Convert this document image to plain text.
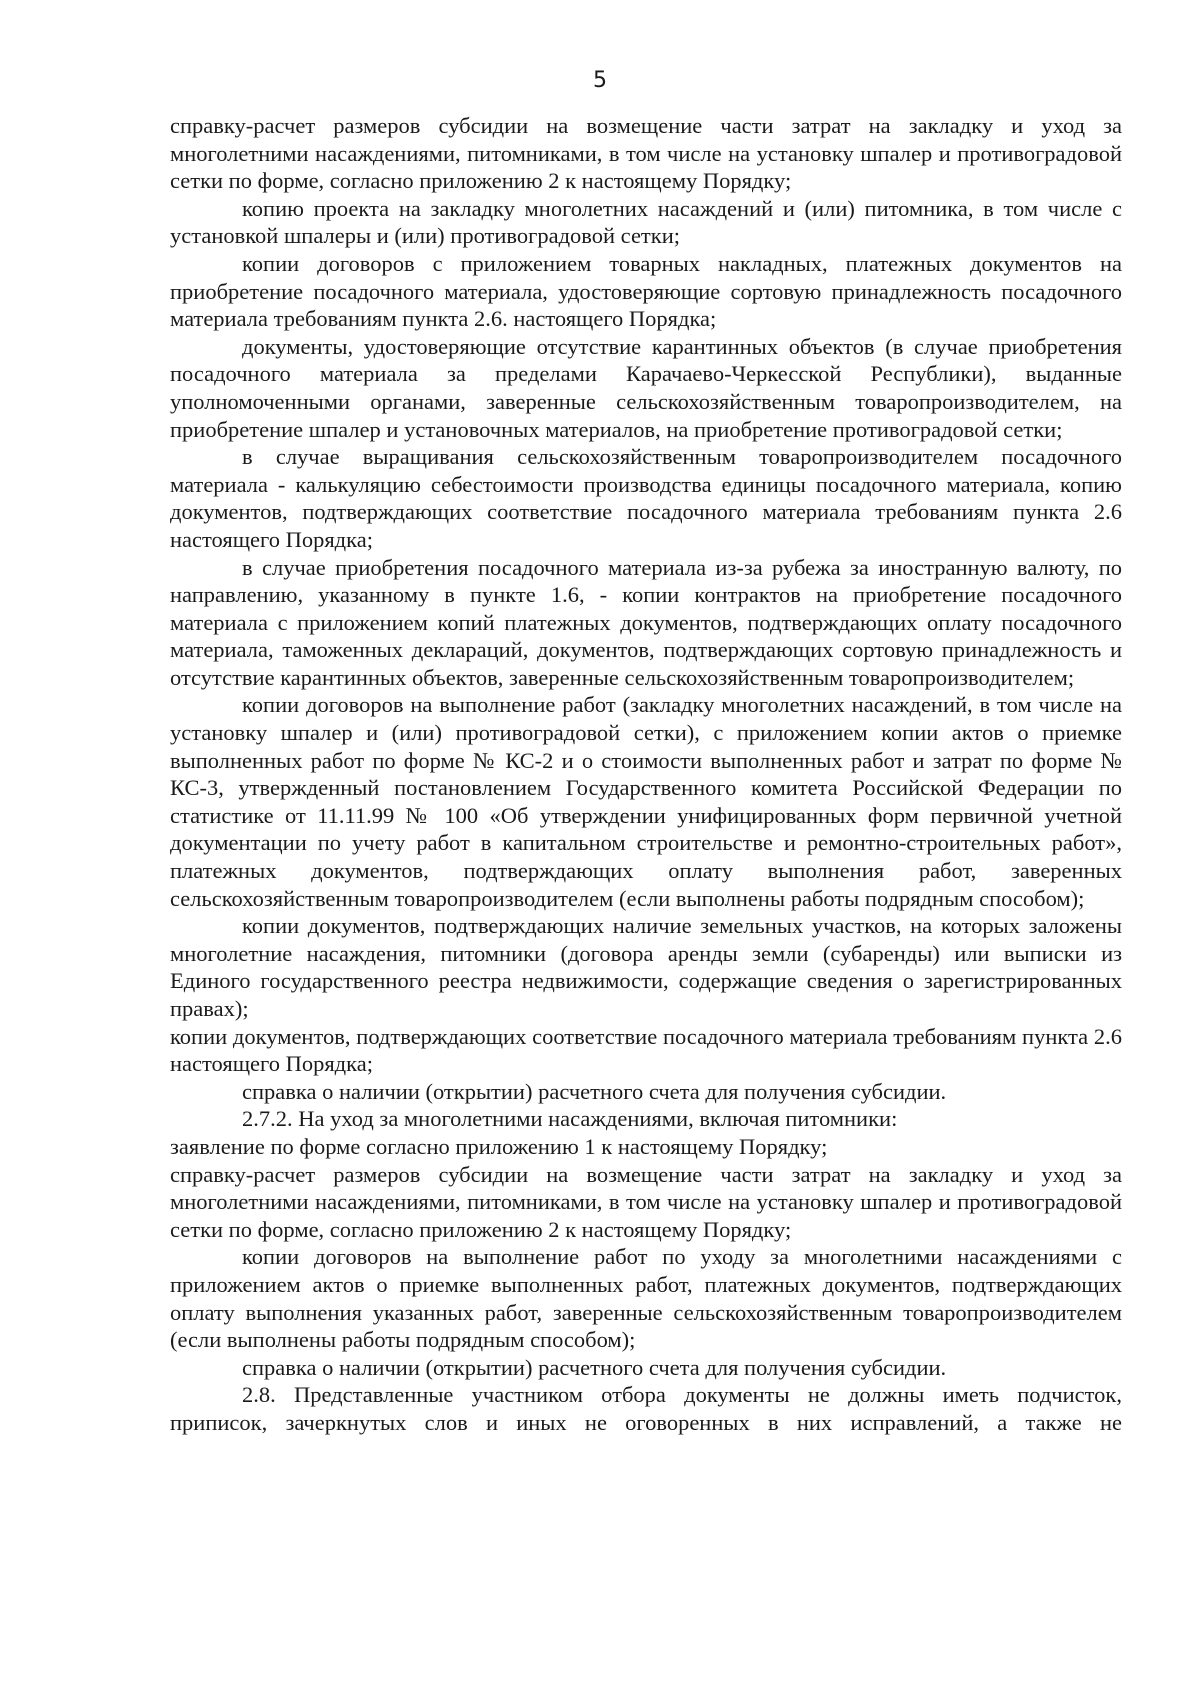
5

справку-расчет размеров субсидии на возмещение части затрат на закладку и уход за многолетними насаждениями, питомниками, в том числе на установку шпалер и противоградовой сетки по форме, согласно приложению 2 к настоящему Порядку;

копию проекта на закладку многолетних насаждений и (или) питомника, в том числе с установкой шпалеры и (или) противоградовой сетки;

копии договоров с приложением товарных накладных, платежных документов на приобретение посадочного материала, удостоверяющие сортовую принадлежность посадочного материала требованиям пункта 2.6. настоящего Порядка;

документы, удостоверяющие отсутствие карантинных объектов (в случае приобретения посадочного материала за пределами Карачаево-Черкесской Республики), выданные уполномоченными органами, заверенные сельскохозяйственным товаропроизводителем, на приобретение шпалер и установочных материалов, на приобретение противоградовой сетки;

в случае выращивания сельскохозяйственным товаропроизводителем посадочного материала - калькуляцию себестоимости производства единицы посадочного материала, копию документов, подтверждающих соответствие посадочного материала требованиям пункта 2.6 настоящего Порядка;

в случае приобретения посадочного материала из-за рубежа за иностранную валюту, по направлению, указанному в пункте 1.6, - копии контрактов на приобретение посадочного материала с приложением копий платежных документов, подтверждающих оплату посадочного материала, таможенных деклараций, документов, подтверждающих сортовую принадлежность и отсутствие карантинных объектов, заверенные сельскохозяйственным товаропроизводителем;

копии договоров на выполнение работ (закладку многолетних насаждений, в том числе на установку шпалер и (или) противоградовой сетки), с приложением копии актов о приемке выполненных работ по форме № КС-2 и о стоимости выполненных работ и затрат по форме № КС-3, утвержденный постановлением Государственного комитета Российской Федерации по статистике от 11.11.99 № 100 «Об утверждении унифицированных форм первичной учетной документации по учету работ в капитальном строительстве и ремонтно-строительных работ», платежных документов, подтверждающих оплату выполнения работ, заверенных сельскохозяйственным товаропроизводителем (если выполнены работы подрядным способом);

копии документов, подтверждающих наличие земельных участков, на которых заложены многолетние насаждения, питомники (договора аренды земли (субаренды) или выписки из Единого государственного реестра недвижимости, содержащие сведения о зарегистрированных правах);

копии документов, подтверждающих соответствие посадочного материала требованиям пункта 2.6 настоящего Порядка;

справка о наличии (открытии) расчетного счета для получения субсидии.

2.7.2. На уход за многолетними насаждениями, включая питомники:

заявление по форме согласно приложению 1 к настоящему Порядку;

справку-расчет размеров субсидии на возмещение части затрат на закладку и уход за многолетними насаждениями, питомниками, в том числе на установку шпалер и противоградовой сетки по форме, согласно приложению 2 к настоящему Порядку;

копии договоров на выполнение работ по уходу за многолетними насаждениями с приложением актов о приемке выполненных работ, платежных документов, подтверждающих оплату выполнения указанных работ, заверенные сельскохозяйственным товаропроизводителем (если выполнены работы подрядным способом);

справка о наличии (открытии) расчетного счета для получения субсидии.

2.8. Представленные участником отбора документы не должны иметь подчисток, приписок, зачеркнутых слов и иных не оговоренных в них исправлений, а также не
